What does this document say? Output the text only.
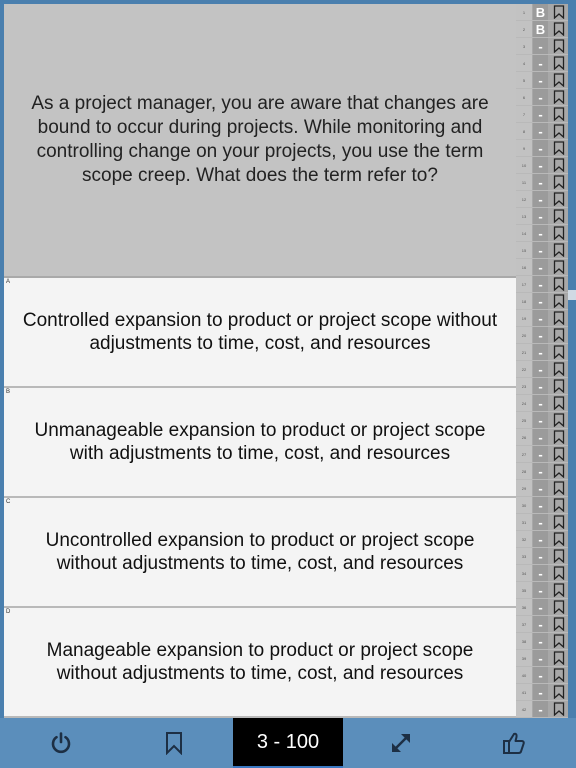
As a project manager, you are aware that changes are
bound to occur during projects. While monitoring and
controlling change on your projects, you use the term
scope creep. What does the term refer to?
A
Controlled expansion to product or project scope without
adjustments to time, cost, and resources
B
Unmanageable expansion to product or project scope
with adjustments to time, cost, and resources
C
Uncontrolled expansion to product or project scope
without adjustments to time, cost, and resources
D
Manageable expansion to product or project scope
without adjustments to time, cost, and resources
1 B
2 B
3	-
4	-
5	-
6	-
7	-
8	-
9	-
10 -
11 -
12 -
13 -
14 -
15 -
16 -
17 -
18 -
19 -
20 -
21 -
22 -
23 -
24 -
25 -
26 -
27 -
28 -
29 -
30 -
31 -
32 -
33 -
34 -
35 -
36 -
37 -
38 -
39 -
40 -
41 -
42 -
3 - 100
